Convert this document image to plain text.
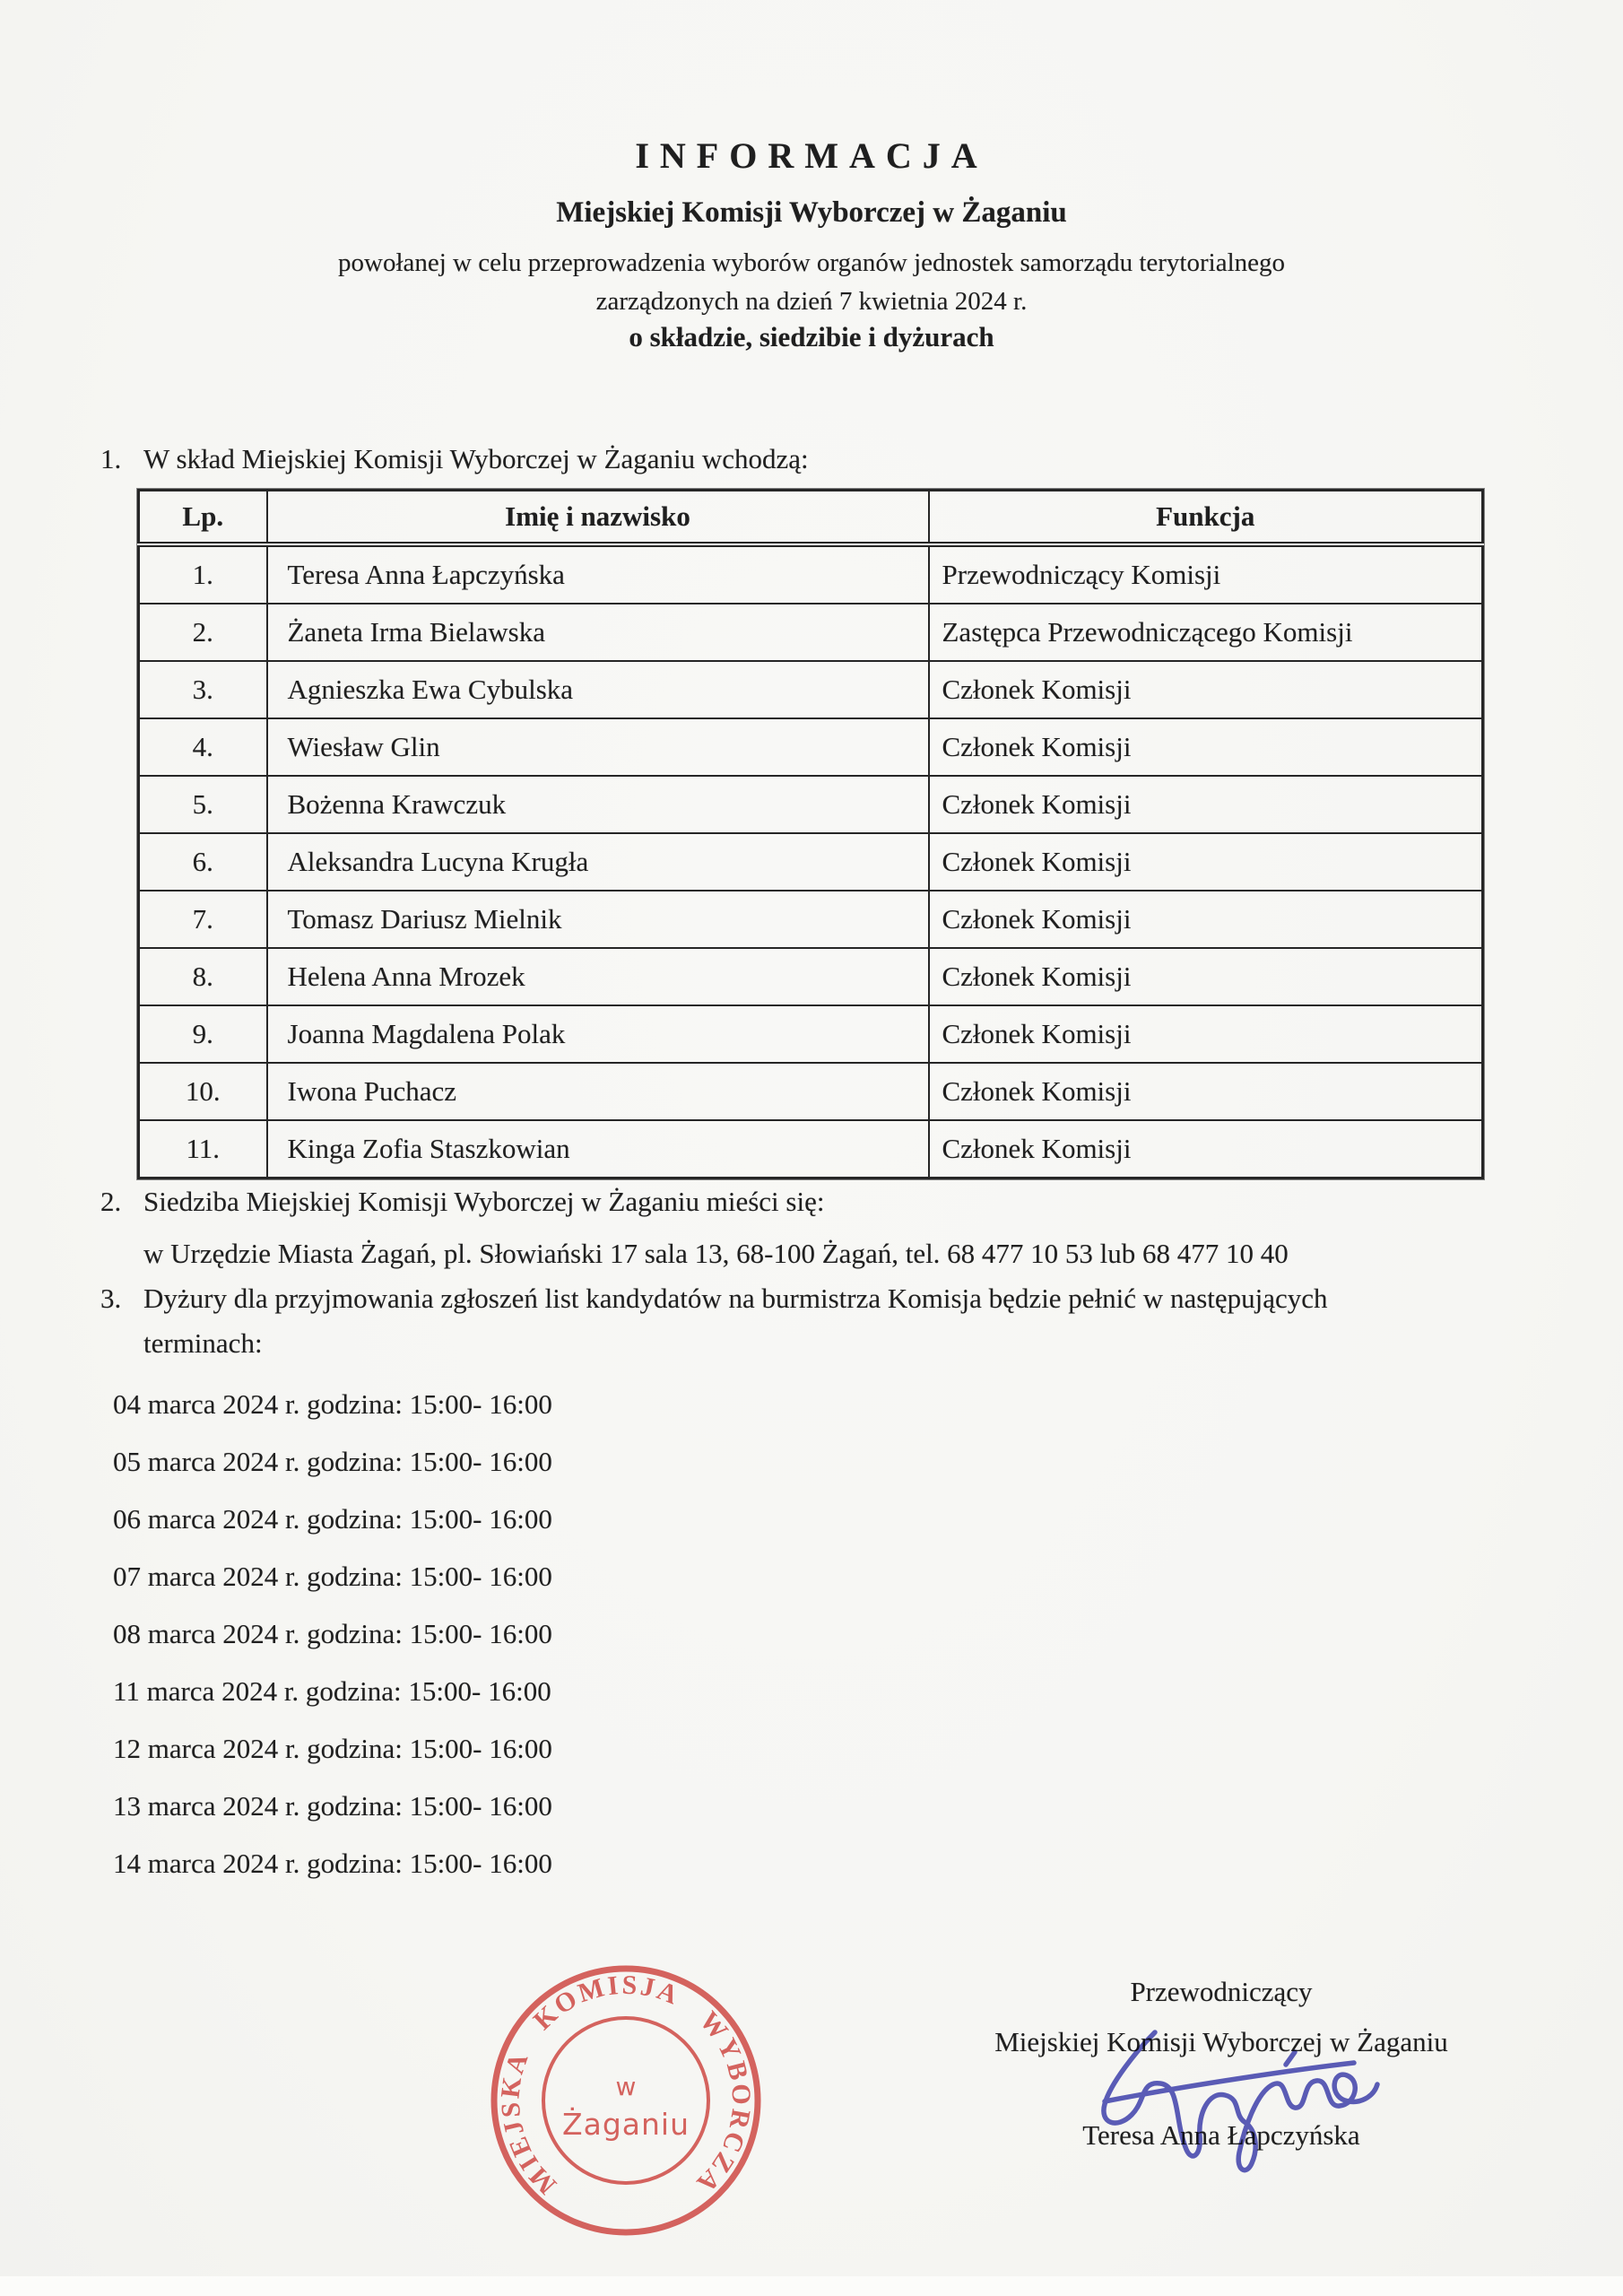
INFORMACJA
Miejskiej Komisji Wyborczej w Żaganiu
powołanej w celu przeprowadzenia wyborów organów jednostek samorządu terytorialnego
zarządzonych na dzień 7 kwietnia 2024 r.
o składzie, siedzibie i dyżurach
1. W skład Miejskiej Komisji Wyborczej w Żaganiu wchodzą:
Lp.	Imię i nazwisko	Funkcja
1.	Teresa Anna Łapczyńska	Przewodniczący Komisji
2.	Żaneta Irma Bielawska	Zastępca Przewodniczącego Komisji
3.	Agnieszka Ewa Cybulska	Członek Komisji
4.	Wiesław Glin	Członek Komisji
5.	Bożenna Krawczuk	Członek Komisji
6.	Aleksandra Lucyna Krugła	Członek Komisji
7.	Tomasz Dariusz Mielnik	Członek Komisji
8.	Helena Anna Mrozek	Członek Komisji
9.	Joanna Magdalena Polak	Członek Komisji
10.	Iwona Puchacz	Członek Komisji
11.	Kinga Zofia Staszkowian	Członek Komisji
2. Siedziba Miejskiej Komisji Wyborczej w Żaganiu mieści się:
w Urzędzie Miasta Żagań, pl. Słowiański 17 sala 13, 68-100 Żagań, tel. 68 477 10 53 lub 68 477 10 40
3. Dyżury dla przyjmowania zgłoszeń list kandydatów na burmistrza Komisja będzie pełnić w następujących
terminach:
04 marca 2024 r. godzina: 15:00- 16:00
05 marca 2024 r. godzina: 15:00- 16:00
06 marca 2024 r. godzina: 15:00- 16:00
07 marca 2024 r. godzina: 15:00- 16:00
08 marca 2024 r. godzina: 15:00- 16:00
11 marca 2024 r. godzina: 15:00- 16:00
12 marca 2024 r. godzina: 15:00- 16:00
13 marca 2024 r. godzina: 15:00- 16:00
14 marca 2024 r. godzina: 15:00- 16:00
Przewodniczący
Miejskiej Komisji Wyborczej w Żaganiu
Teresa Anna Łapczyńska
MIEJSKA KOMISJA WYBORCZA
w
Żaganiu
